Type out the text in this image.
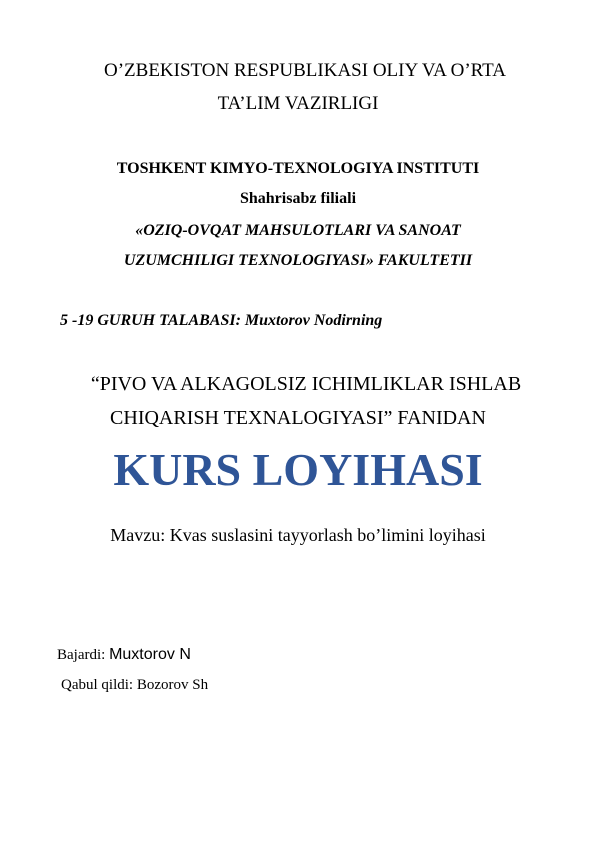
O’ZBEKISTON RESPUBLIKASI OLIY VA O’RTA
TA’LIM VAZIRLIGI
TOSHKENT KIMYO-TEXNOLOGIYA INSTITUTI
Shahrisabz filiali
«OZIQ-OVQAT MAHSULOTLARI VA SANOAT
UZUMCHILIGI TEXNOLOGIYASI» FAKULTETII
5 -19 GURUH TALABASI: Muxtorov Nodirning
“PIVO VA ALKAGOLSIZ ICHIMLIKLAR ISHLAB
CHIQARISH TEXNALOGIYASI” FANIDAN
KURS LOYIHASI
Mavzu: Kvas suslasini tayyorlash bo’limini loyihasi
Bajardi: Muxtorov N
Qabul qildi: Bozorov Sh
